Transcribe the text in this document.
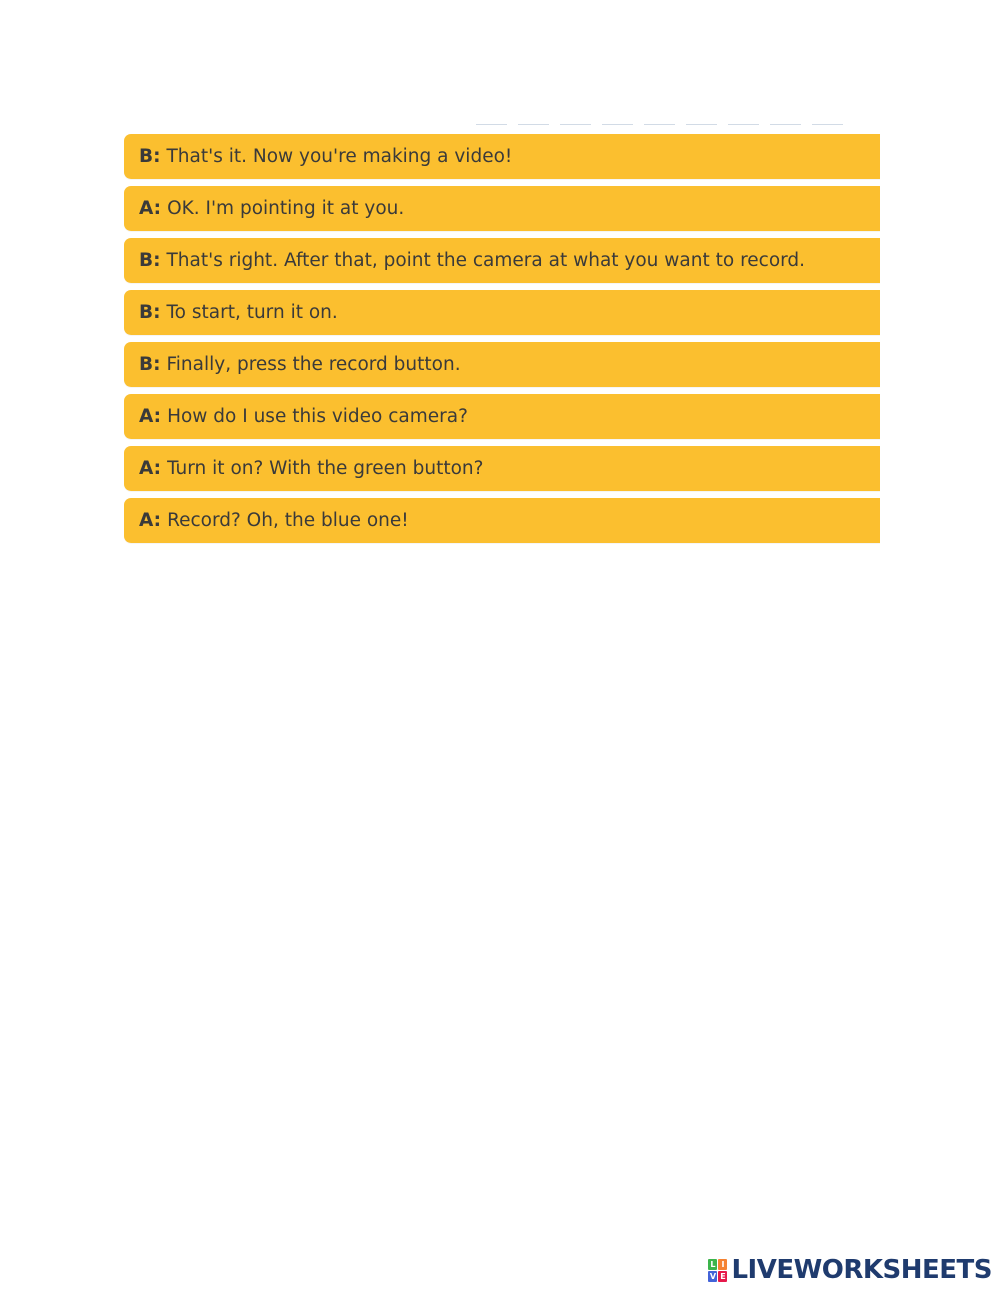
B: That's it. Now you're making a video!
A: OK. I'm pointing it at you.
B: That's right. After that, point the camera at what you want to record.
B: To start, turn it on.
B: Finally, press the record button.
A: How do I use this video camera?
A: Turn it on? With the green button?
A: Record? Oh, the blue one!
L I
V E LIVEWORKSHEETS
